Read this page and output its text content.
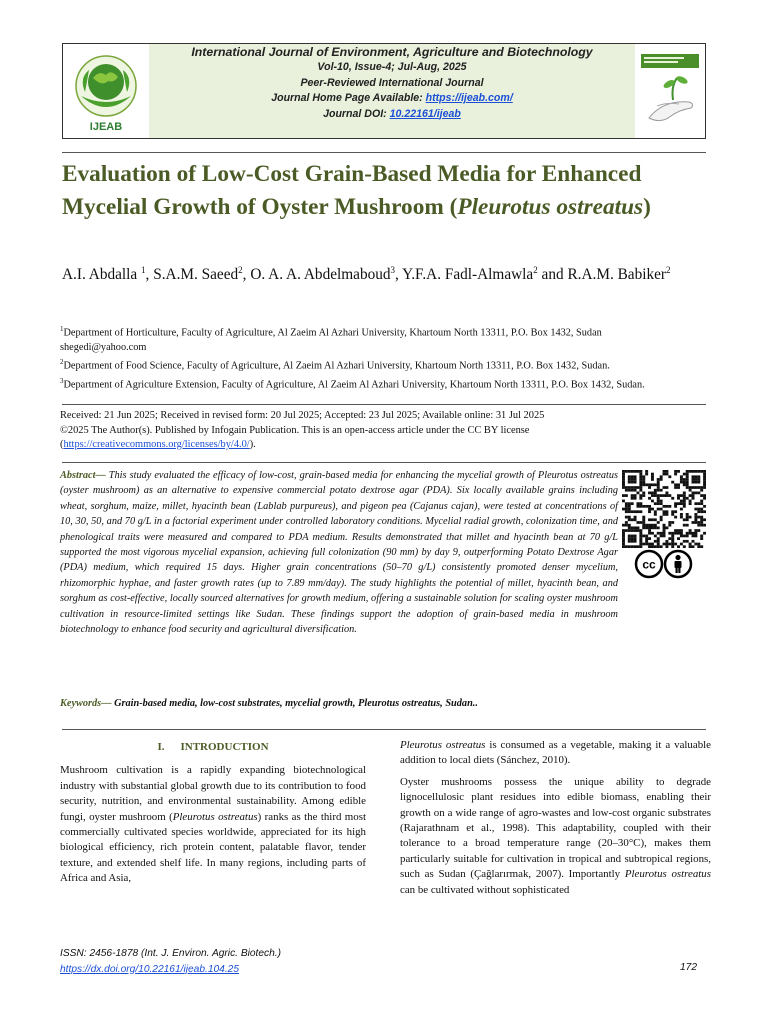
IJEAB
International Journal of Environment, Agriculture and Biotechnology
Vol-10, Issue-4; Jul-Aug, 2025
Peer-Reviewed International Journal
Journal Home Page Available: https://ijeab.com/
Journal DOI: 10.22161/ijeab
Evaluation of Low-Cost Grain-Based Media for Enhanced Mycelial Growth of Oyster Mushroom (Pleurotus ostreatus)
A.I. Abdalla $^1$, S.A.M. Saeed$^2$, O. A. A. Abdelmaboud$^3$, Y.F.A. Fadl-Almawla$^2$ and R.A.M. Babiker$^2$
$^1$Department of Horticulture, Faculty of Agriculture, Al Zaeim Al Azhari University, Khartoum North 13311, P.O. Box 1432, Sudan
shegedi@yahoo.com
$^2$Department of Food Science, Faculty of Agriculture, Al Zaeim Al Azhari University, Khartoum North 13311, P.O. Box 1432, Sudan.
$^3$Department of Agriculture Extension, Faculty of Agriculture, Al Zaeim Al Azhari University, Khartoum North 13311, P.O. Box 1432, Sudan.
Received: 21 Jun 2025; Received in revised form: 20 Jul 2025; Accepted: 23 Jul 2025; Available online: 31 Jul 2025
©2025 The Author(s). Published by Infogain Publication. This is an open-access article under the CC BY license
(https://creativecommons.org/licenses/by/4.0/).
Abstract— This study evaluated the efficacy of low-cost, grain-based media for enhancing the mycelial growth of Pleurotus ostreatus (oyster mushroom) as an alternative to expensive commercial potato dextrose agar (PDA). Six locally available grains including wheat, sorghum, maize, millet, hyacinth bean (Lablab purpureus), and pigeon pea (Cajanus cajan), were tested at concentrations of 10, 30, 50, and 70 g/L in a factorial experiment under controlled laboratory conditions. Mycelial radial growth, colonization time, and phenological traits were measured and compared to PDA medium. Results demonstrated that millet and hyacinth bean at 70 g/L supported the most vigorous mycelial expansion, achieving full colonization (90 mm) by day 9, outperforming Potato Dextrose Agar (PDA) medium, which required 15 days. Higher grain concentrations (50–70 g/L) consistently promoted denser mycelium, rhizomorphic hyphae, and faster growth rates (up to 7.89 mm/day). The study highlights the potential of millet, hyacinth bean, and sorghum as cost-effective, locally sourced alternatives for growth medium, offering a sustainable solution for scaling oyster mushroom cultivation in resource-limited settings like Sudan. These findings support the adoption of grain-based media in mushroom biotechnology to enhance food security and agricultural diversification.
Keywords— Grain-based media, low-cost substrates, mycelial growth, Pleurotus ostreatus, Sudan..
cc
I. INTRODUCTION

Mushroom cultivation is a rapidly expanding biotechnological industry with substantial global growth due to its contribution to food security, nutrition, and environmental sustainability. Among edible fungi, oyster mushroom (Pleurotus ostreatus) ranks as the third most commercially cultivated species worldwide, appreciated for its high biological efficiency, rich protein content, palatable flavor, tender texture, and extended shelf life. In many regions, including parts of Africa and Asia,

Pleurotus ostreatus is consumed as a vegetable, making it a valuable addition to local diets (Sánchez, 2010).

Oyster mushrooms possess the unique ability to degrade lignocellulosic plant residues into edible biomass, enabling their growth on a wide range of agro-wastes and low-cost organic substrates (Rajarathnam et al., 1998). This adaptability, coupled with their tolerance to a broad temperature range (20–30°C), makes them particularly suitable for cultivation in tropical and subtropical regions, such as Sudan (Çağlarırmak, 2007). Importantly Pleurotus ostreatus can be cultivated without sophisticated

ISSN: 2456-1878 (Int. J. Environ. Agric. Biotech.)
https://dx.doi.org/10.22161/ijeab.104.25	172
